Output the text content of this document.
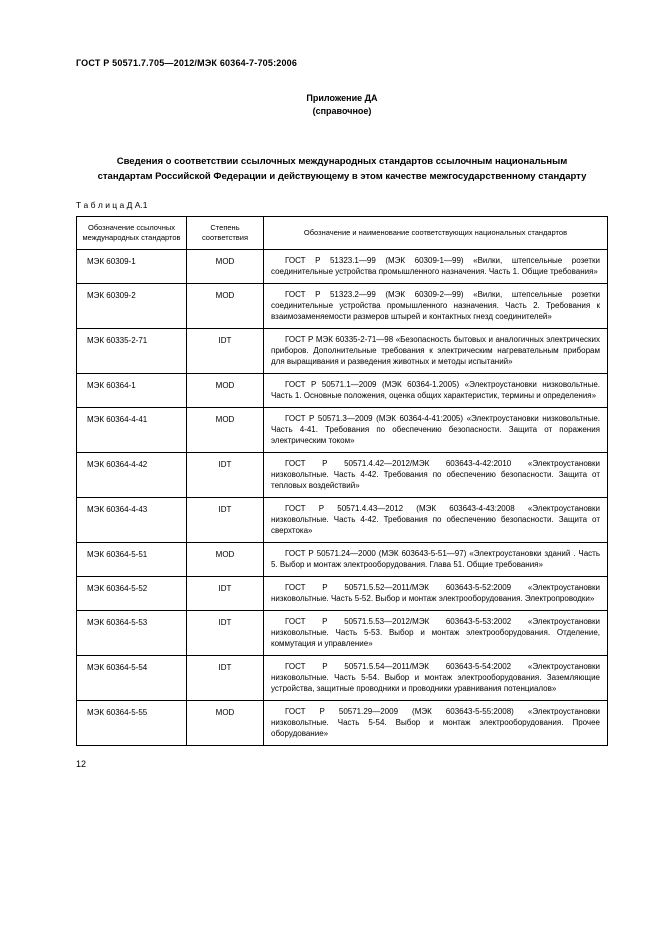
ГОСТ Р 50571.7.705—2012/МЭК 60364-7-705:2006
Приложение ДА
(справочное)
Сведения о соответствии ссылочных международных стандартов ссылочным национальным стандартам Российской Федерации и действующему в этом качестве межгосударственному стандарту
Т а б л и ц а Д А.1
Обозначение ссылочных международных стандартов	Степень соответствия	Обозначение и наименование соответствующих национальных стандартов
МЭК 60309-1	MOD	ГОСТ Р 51323.1—99 (МЭК 60309-1—99) «Вилки, штепсельные розетки соединительные устройства промышленного назначения. Часть 1. Общие требования»
МЭК 60309-2	MOD	ГОСТ Р 51323.2—99 (МЭК 60309-2—99) «Вилки, штепсельные розетки соединительные устройства промышленного назначения. Часть 2. Требования к взаимозаменяемости размеров штырей и контактных гнезд соединителей»
МЭК 60335-2-71	IDT	ГОСТ Р МЭК 60335-2-71—98 «Безопасность бытовых и аналогичных электрических приборов. Дополнительные требования к электрическим нагревательным приборам для выращивания и разведения животных и методы испытаний»
МЭК 60364-1	MOD	ГОСТ Р 50571.1—2009 (МЭК 60364-1.2005) «Электроустановки низковольтные. Часть 1. Основные положения, оценка общих характеристик, термины и определения»
МЭК 60364-4-41	MOD	ГОСТ Р 50571.3—2009 (МЭК 60364-4-41:2005) «Электроустановки низковольтные. Часть 4-41. Требования по обеспечению безопасности. Защита от поражения электрическим током»
МЭК 60364-4-42	IDT	ГОСТ Р 50571.4.42—2012/МЭК 603643-4-42:2010 «Электроустановки низковольтные. Часть 4-42. Требования по обеспечению безопасности. Защита от тепловых воздействий»
МЭК 60364-4-43	IDT	ГОСТ Р 50571.4.43—2012 (МЭК 603643-4-43:2008 «Электроустановки низковольтные. Часть 4-42. Требования по обеспечению безопасности. Защита от сверхтока»
МЭК 60364-5-51	MOD	ГОСТ Р 50571.24—2000 (МЭК 603643-5-51—97) «Электроустановки зданий . Часть 5. Выбор и монтаж электрооборудования. Глава 51. Общие требования»
МЭК 60364-5-52	IDT	ГОСТ Р 50571.5.52—2011/МЭК 603643-5-52:2009 «Электроустановки низковольтные. Часть 5-52. Выбор и монтаж электрооборудования. Электропроводки»
МЭК 60364-5-53	IDT	ГОСТ Р 50571.5.53—2012/МЭК 603643-5-53:2002 «Электроустановки низковольтные. Часть 5-53. Выбор и монтаж электрооборудования. Отделение, коммутация и управление»
МЭК 60364-5-54	IDT	ГОСТ Р 50571.5.54—2011/МЭК 603643-5-54:2002 «Электроустановки низковольтные. Часть 5-54. Выбор и монтаж электрооборудования. Заземляющие устройства, защитные проводники и проводники уравнивания потенциалов»
МЭК 60364-5-55	MOD	ГОСТ Р 50571.29—2009 (МЭК 603643-5-55:2008) «Электроустановки низковольтные. Часть 5-54. Выбор и монтаж электрооборудования. Прочее оборудование»
12
